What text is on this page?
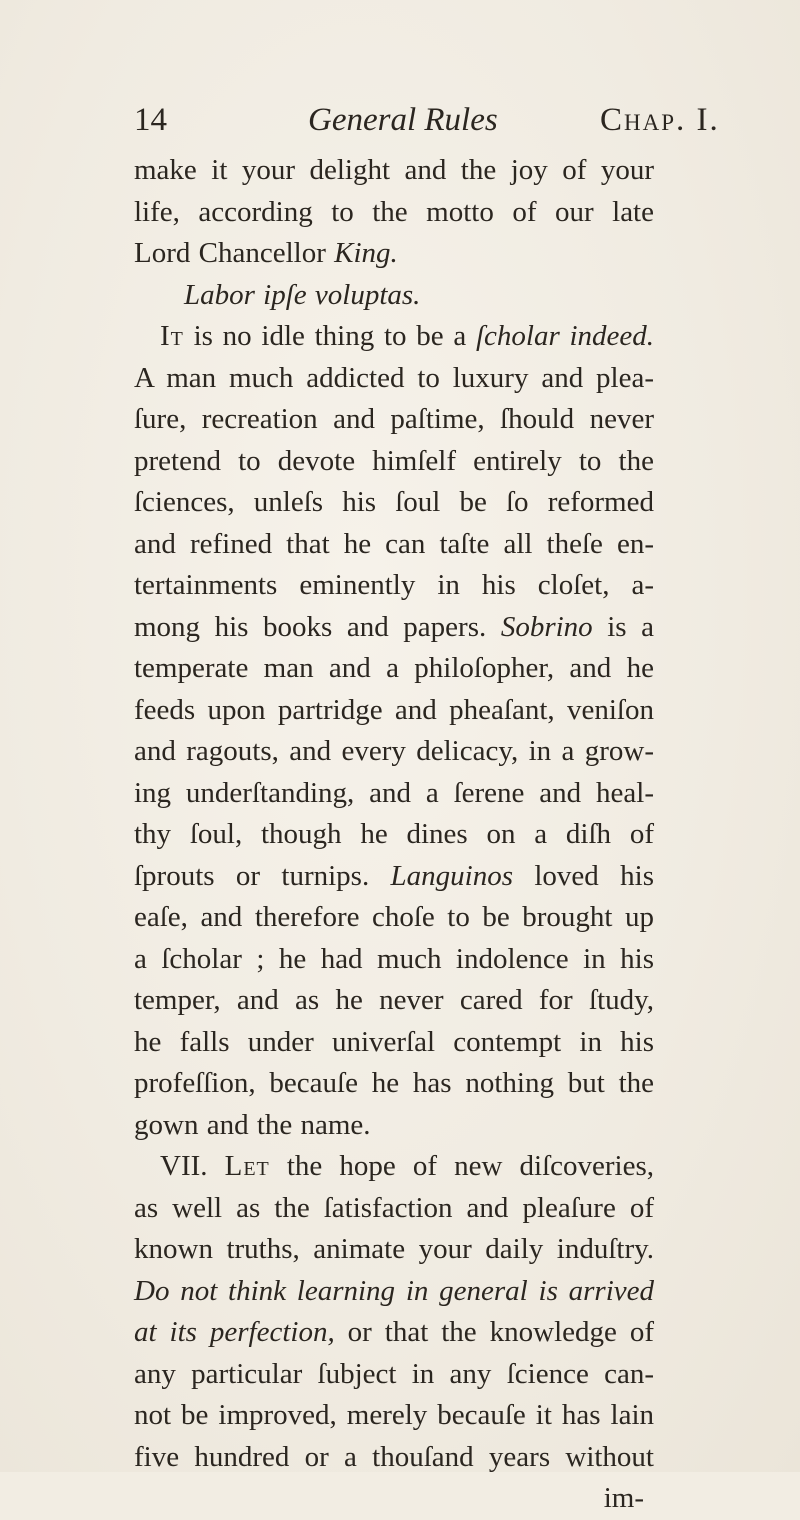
14	General Rules	Chap. I.
make it your delight and the joy of your
life, according to the motto of our late
Lord Chancellor King.
Labor ipſe voluptas.
It is no idle thing to be a ſcholar indeed.
A man much addicted to luxury and plea-
ſure, recreation and paſtime, ſhould never
pretend to devote himſelf entirely to the
ſciences, unleſs his ſoul be ſo reformed
and refined that he can taſte all theſe en-
tertainments eminently in his cloſet, a-
mong his books and papers. Sobrino is a
temperate man and a philoſopher, and he
feeds upon partridge and pheaſant, veniſon
and ragouts, and every delicacy, in a grow-
ing underſtanding, and a ſerene and heal-
thy ſoul, though he dines on a diſh of
ſprouts or turnips. Languinos loved his
eaſe, and therefore choſe to be brought up
a ſcholar ; he had much indolence in his
temper, and as he never cared for ſtudy,
he falls under univerſal contempt in his
profeſſion, becauſe he has nothing but the
gown and the name.
VII. Let the hope of new diſcoveries,
as well as the ſatisfaction and pleaſure of
known truths, animate your daily induſtry.
Do not think learning in general is arrived
at its perfection, or that the knowledge of
any particular ſubject in any ſcience can-
not be improved, merely becauſe it has lain
five hundred or a thouſand years without
im-
